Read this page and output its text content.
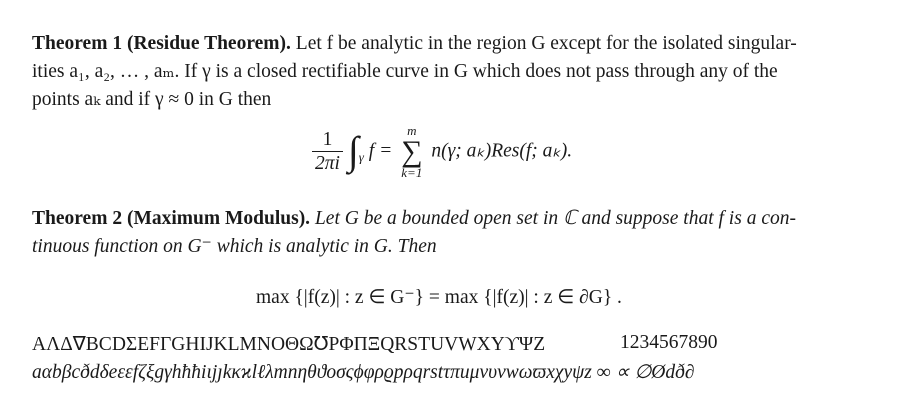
Theorem 1 (Residue Theorem). Let f be analytic in the region G except for the isolated singular-
ities a₁, a₂, … , aₘ. If γ is a closed rectifiable curve in G which does not pass through any of the
points aₖ and if γ ≈ 0 in G then
$\frac{1}{2\pi i} \int_\gamma$ f =
m
∑
k=1
n(γ; aₖ)Res(f; aₖ).
Theorem 2 (Maximum Modulus). Let G be a bounded open set in ℂ and suppose that f is a con-
tinuous function on G⁻ which is analytic in G. Then
max {|f(z)| : z ∈ G⁻} = max {|f(z)| : z ∈ ∂G} .
ΑΛΔ∇BCDΣEFΓGHIJKLMNOΘΩ℧PΦΠΞQRSTUVWXYϒΨZ	1234567890
aαbβcðdδeεεfζξgγhħħiιjȷkκϰlℓλmnηθϑoσςϕφρϱpρqrstτπuμνυvwωϖxχyψz ∞ ∝ ∅Ødð∂
